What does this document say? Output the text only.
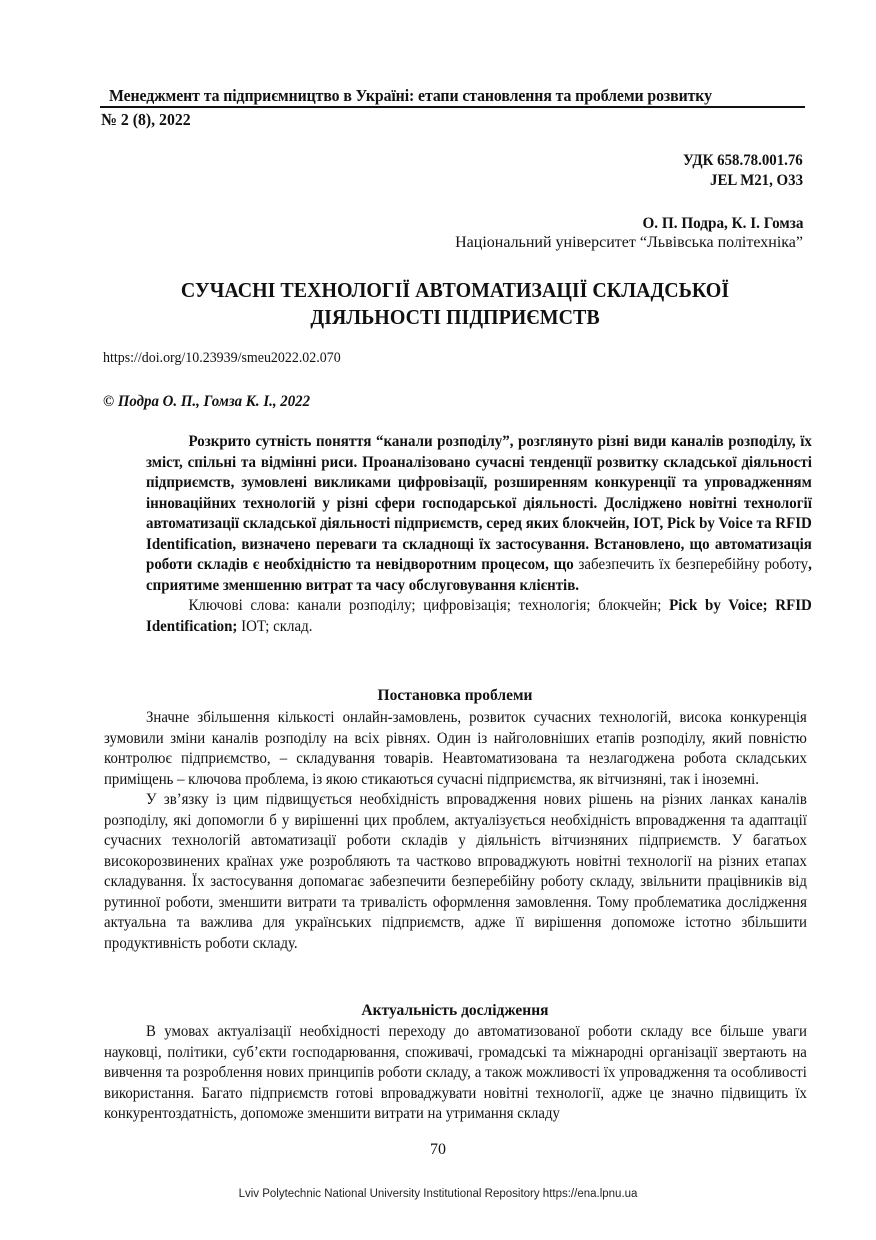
Менеджмент та підприємництво в Україні: етапи становлення та проблеми розвитку
№ 2 (8), 2022
УДК 658.78.001.76
JEL M21, O33
О. П. Подра, К. І. Гомза
Національний університет “Львівська політехніка”
СУЧАСНІ ТЕХНОЛОГІЇ АВТОМАТИЗАЦІЇ СКЛАДСЬКОЇ
ДІЯЛЬНОСТІ ПІДПРИЄМСТВ
https://doi.org/10.23939/smeu2022.02.070
© Подра О. П., Гомза К. І., 2022

Розкрито сутність поняття “канали розподілу”, розглянуто різні види каналів розподілу, їх зміст, спільні та відмінні риси. Проаналізовано сучасні тенденції розвитку складської діяльності підприємств, зумовлені викликами цифровізації, розширенням конкуренції та упровадженням інноваційних технологій у різні сфери господарської діяльності. Дослідженo новітні технології автоматизації складської діяльності підприємств, серед яких блокчейн, IOT, Pick by Voice та RFID Identification, визначено переваги та складнощі їх застосування. Встановлено, що автоматизація роботи складів є необхідністю та невідворотним процесом, що забезпечить їх безперебійну роботу, сприятиме зменшенню витрат та часу обслуговування клієнтів.

Ключові слова: канали розподілу; цифровізація; технологія; блокчейн; Pick by Voice; RFID Identification; IOT; склад.

Постановка проблеми

Значне збільшення кількості онлайн-замовлень, розвиток сучасних технологій, висока конкуренція зумовили зміни каналів розподілу на всіх рівнях. Один із найголовніших етапів розподілу, який повністю контролює підприємство, – складування товарів. Неавтоматизована та незлагоджена робота складських приміщень – ключова проблема, із якою стикаються сучасні підприємства, як вітчизняні, так і іноземні.

У зв’язку із цим підвищується необхідність впровадження нових рішень на різних ланках каналів розподілу, які допомогли б у вирішенні цих проблем, актуалізується необхідність впровадження та адаптації сучасних технологій автоматизації роботи складів у діяльність вітчизняних підприємств. У багатьох високорозвинених країнах уже розробляють та частково впроваджують новітні технології на різних етапах складування. Їх застосування допомагає забезпечити безперебійну роботу складу, звільнити працівників від рутинної роботи, зменшити витрати та тривалість оформлення замовлення. Тому проблематика дослідження актуальна та важлива для українських підприємств, адже її вирішення допоможе істотно збільшити продуктивність роботи складу.

Актуальність дослідження

В умовах актуалізації необхідності переходу до автоматизованої роботи складу все більше уваги науковці, політики, суб’єкти господарювання, споживачі, громадські та міжнародні організації звертають на вивчення та розроблення нових принципів роботи складу, а також можливості їх упровадження та особливості використання. Багато підприємств готові впроваджувати новітні технології, адже це значно підвищить їх конкурентоздатність, допоможе зменшити витрати на утримання складу

70
Lviv Polytechnic National University Institutional Repository https://ena.lpnu.ua
